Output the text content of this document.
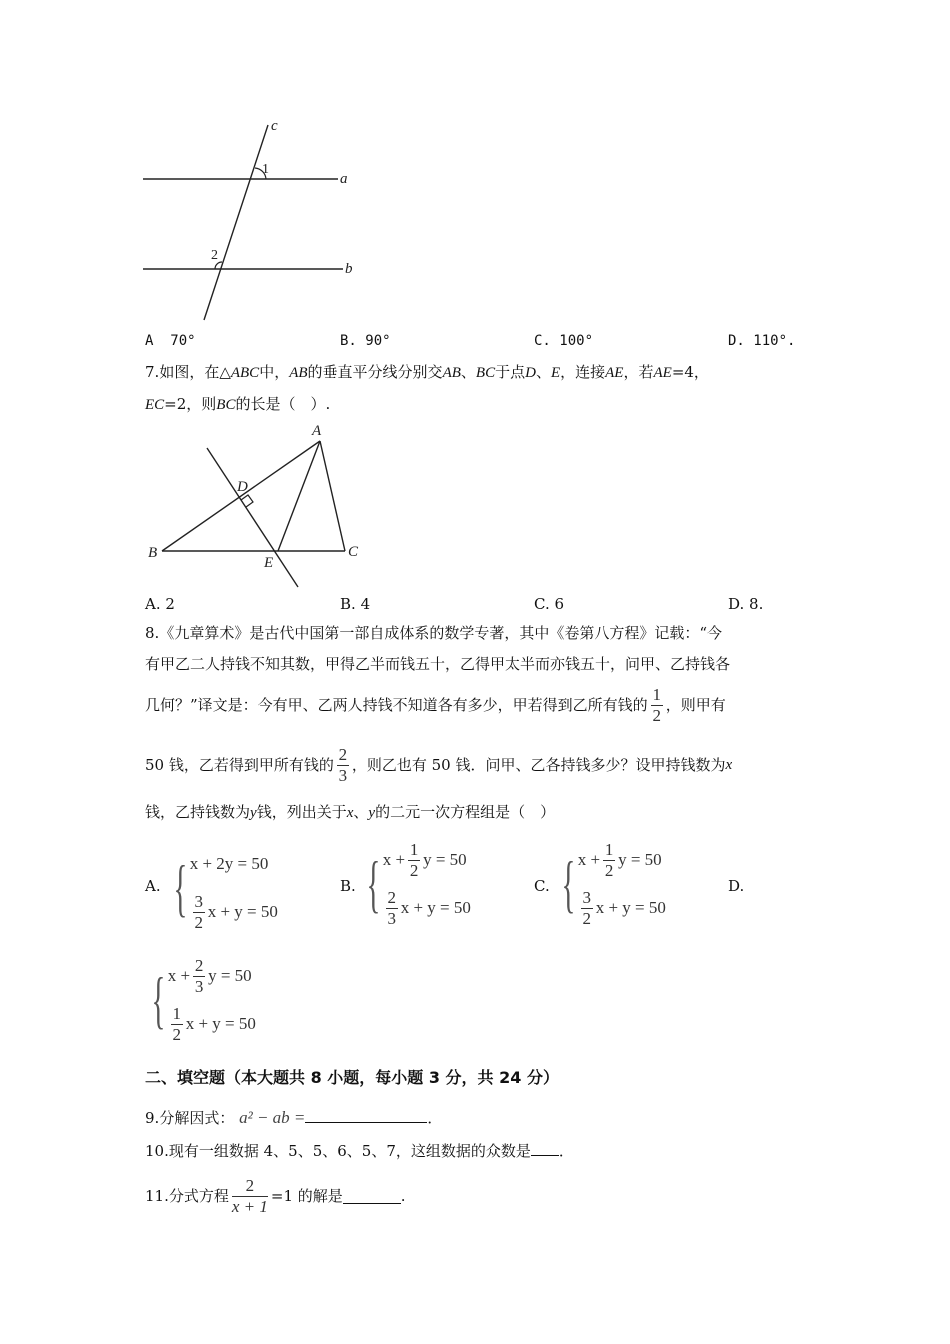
c
a
b
1
2
A 70°	B. 90°	C. 100°	D. 110°.
7.如图，在△ABC中，AB的垂直平分线分别交AB、BC于点D、E，连接AE，若AE=4，
EC=2，则BC的长是（　）.
A
B	C
D
E
A. 2	B. 4	C. 6	D. 8.
8.《九章算术》是古代中国第一部自成体系的数学专著，其中《卷第八方程》记载：“今
有甲乙二人持钱不知其数，甲得乙半而钱五十，乙得甲太半而亦钱五十，问甲、乙持钱各
几何？”译文是：今有甲、乙两人持钱不知道各有多少，甲若得到乙所有钱的 $\frac{1}{2}$ ，则甲有
50 钱，乙若得到甲所有钱的 $\frac{2}{3}$ ，则乙也有 50 钱．问甲、乙各持钱多少？设甲持钱数为 x
钱，乙持钱数为y钱，列出关于x、y的二元一次方程组是（　）
A. { x + 2y = 50
$\frac{3}{2}$ x + y = 50
B. { $x + \frac{1}{2}$ y = 50
$\frac{2}{3}$ x + y = 50
C. { $x + \frac{1}{2}$ y = 50
$\frac{3}{2}$ x + y = 50
D.
{ $x + \frac{2}{3}$ y = 50
$\frac{1}{2}$ x + y = 50
二、填空题（本大题共 8 小题，每小题 3 分，共 24 分）
9.分解因式： a² − ab =	．
10.现有一组数据 4、5、5、6、5、7，这组数据的众数是 ．
11. 分式方程 $\frac{2}{x + 1} =1$ 的解是	.
